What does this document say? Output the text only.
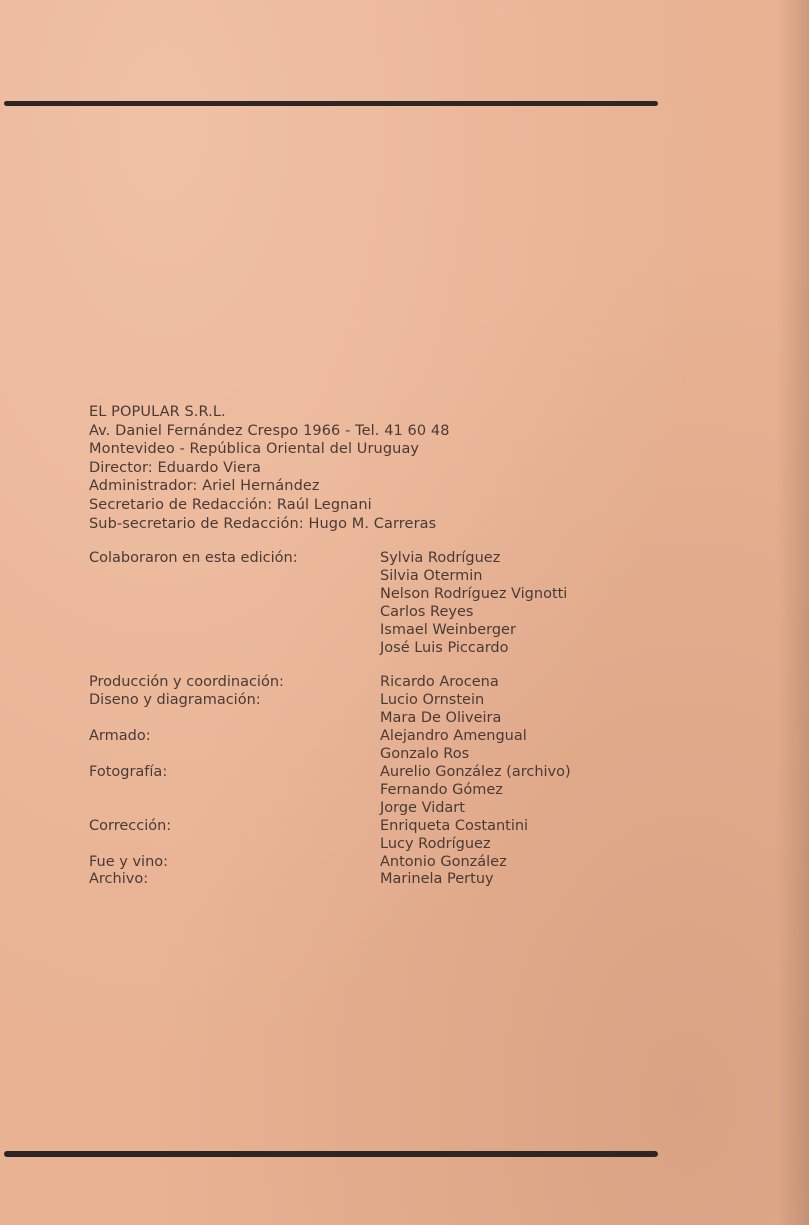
EL POPULAR S.R.L.
Av. Daniel Fernández Crespo 1966 - Tel. 41 60 48
Montevideo - República Oriental del Uruguay
Director: Eduardo Viera
Administrador: Ariel Hernández
Secretario de Redacción: Raúl Legnani
Sub-secretario de Redacción: Hugo M. Carreras
Colaboraron en esta edición:	Sylvia Rodríguez
Silvia Otermin
Nelson Rodríguez Vignotti
Carlos Reyes
Ismael Weinberger
José Luis Piccardo
Producción y coordinación:	Ricardo Arocena
Diseno y diagramación:	Lucio Ornstein
Mara De Oliveira
Armado:	Alejandro Amengual
Gonzalo Ros
Fotografía:	Aurelio González (archivo)
Fernando Gómez
Jorge Vidart
Corrección:	Enriqueta Costantini
Lucy Rodríguez
Fue y vino:	Antonio González
Archivo:	Marinela Pertuy
